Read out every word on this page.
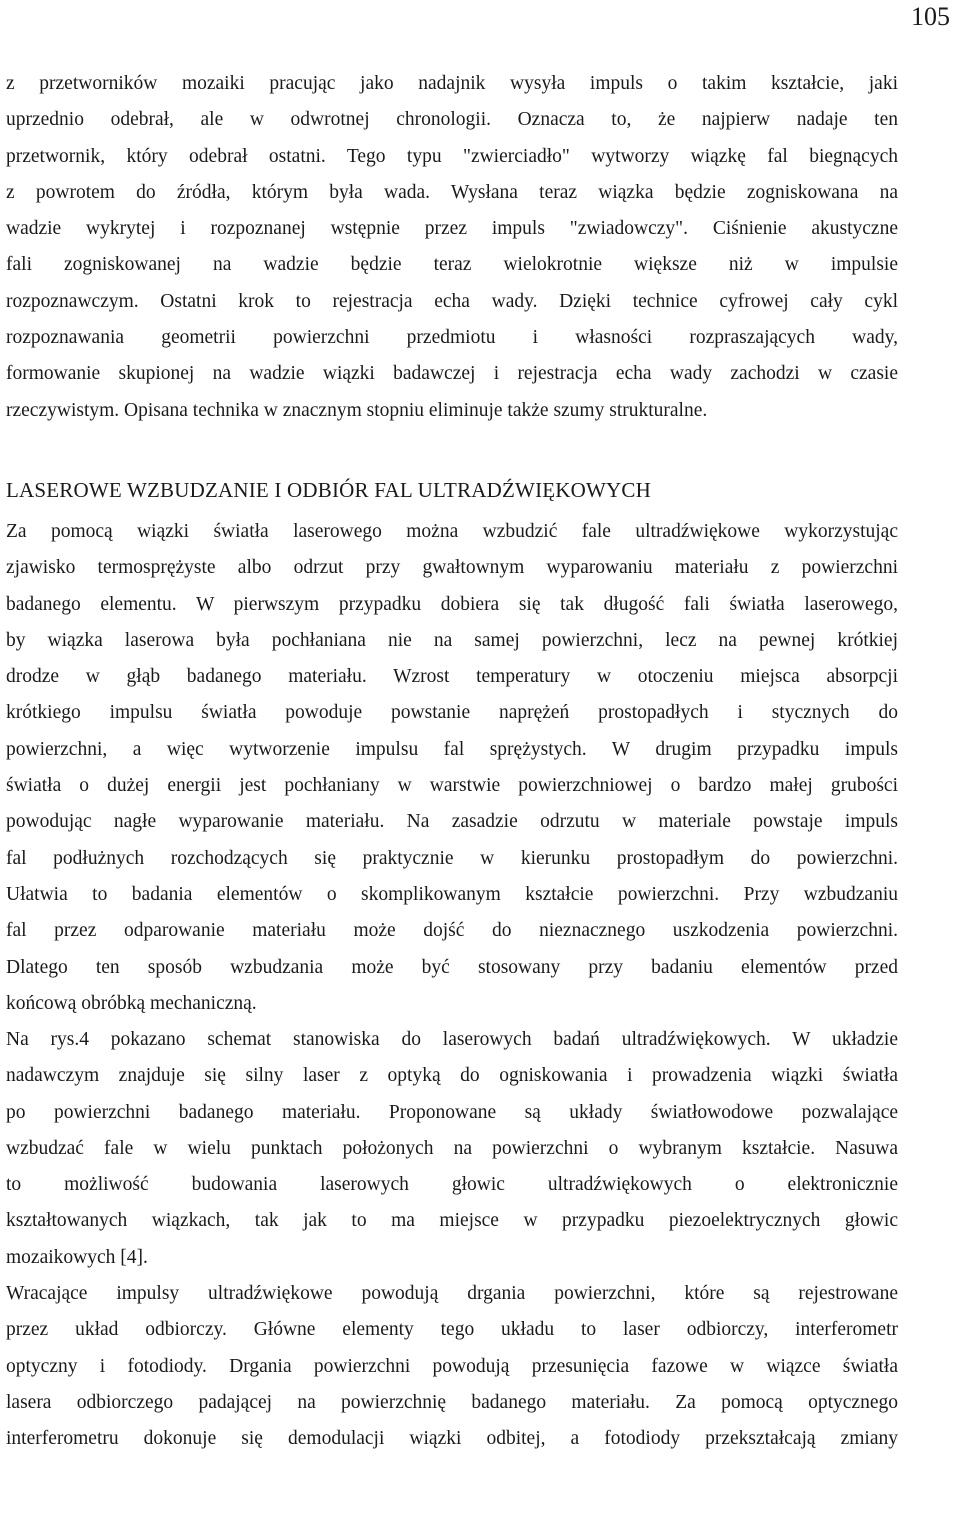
105
z przetworników mozaiki pracując jako nadajnik wysyła impuls o takim kształcie, jaki
uprzednio odebrał, ale w odwrotnej chronologii. Oznacza to, że najpierw nadaje ten
przetwornik, który odebrał ostatni. Tego typu "zwierciadło" wytworzy wiązkę fal biegnących
z powrotem do źródła, którym była wada. Wysłana teraz wiązka będzie zogniskowana na
wadzie wykrytej i rozpoznanej wstępnie przez impuls "zwiadowczy". Ciśnienie akustyczne
fali zogniskowanej na wadzie będzie teraz wielokrotnie większe niż w impulsie
rozpoznawczym. Ostatni krok to rejestracja echa wady. Dzięki technice cyfrowej cały cykl
rozpoznawania geometrii powierzchni przedmiotu i własności rozpraszających wady,
formowanie skupionej na wadzie wiązki badawczej i rejestracja echa wady zachodzi w czasie
rzeczywistym. Opisana technika w znacznym stopniu eliminuje także szumy strukturalne.
LASEROWE WZBUDZANIE I ODBIÓR FAL ULTRADŹWIĘKOWYCH
Za pomocą wiązki światła laserowego można wzbudzić fale ultradźwiękowe wykorzystując
zjawisko termosprężyste albo odrzut przy gwałtownym wyparowaniu materiału z powierzchni
badanego elementu. W pierwszym przypadku dobiera się tak długość fali światła laserowego,
by wiązka laserowa była pochłaniana nie na samej powierzchni, lecz na pewnej krótkiej
drodze w głąb badanego materiału. Wzrost temperatury w otoczeniu miejsca absorpcji
krótkiego impulsu światła powoduje powstanie naprężeń prostopadłych i stycznych do
powierzchni, a więc wytworzenie impulsu fal sprężystych. W drugim przypadku impuls
światła o dużej energii jest pochłaniany w warstwie powierzchniowej o bardzo małej grubości
powodując nagłe wyparowanie materiału. Na zasadzie odrzutu w materiale powstaje impuls
fal podłużnych rozchodzących się praktycznie w kierunku prostopadłym do powierzchni.
Ułatwia to badania elementów o skomplikowanym kształcie powierzchni. Przy wzbudzaniu
fal przez odparowanie materiału może dojść do nieznacznego uszkodzenia powierzchni.
Dlatego ten sposób wzbudzania może być stosowany przy badaniu elementów przed
końcową obróbką mechaniczną.
Na rys.4 pokazano schemat stanowiska do laserowych badań ultradźwiękowych. W układzie
nadawczym znajduje się silny laser z optyką do ogniskowania i prowadzenia wiązki światła
po powierzchni badanego materiału. Proponowane są układy światłowodowe pozwalające
wzbudzać fale w wielu punktach położonych na powierzchni o wybranym kształcie. Nasuwa
to możliwość budowania laserowych głowic ultradźwiękowych o elektronicznie
kształtowanych wiązkach, tak jak to ma miejsce w przypadku piezoelektrycznych głowic
mozaikowych [4].
Wracające impulsy ultradźwiękowe powodują drgania powierzchni, które są rejestrowane
przez układ odbiorczy. Główne elementy tego układu to laser odbiorczy, interferometr
optyczny i fotodiody. Drgania powierzchni powodują przesunięcia fazowe w wiązce światła
lasera odbiorczego padającej na powierzchnię badanego materiału. Za pomocą optycznego
interferometru dokonuje się demodulacji wiązki odbitej, a fotodiody przekształcają zmiany
